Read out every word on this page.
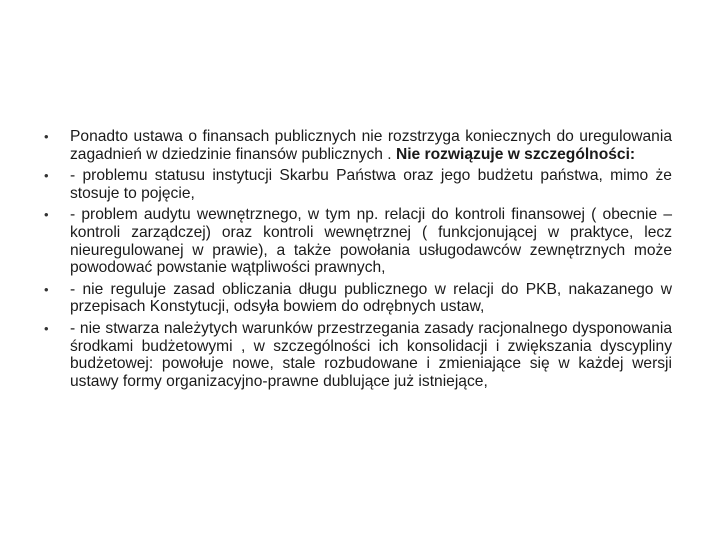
•	Ponadto ustawa o finansach publicznych nie rozstrzyga koniecznych do uregulowania zagadnień w dziedzinie finansów publicznych . Nie rozwiązuje w szczególności:
•	- problemu statusu instytucji Skarbu Państwa oraz jego budżetu państwa, mimo że stosuje to pojęcie,
•	- problem audytu wewnętrznego, w tym np. relacji do kontroli finansowej ( obecnie – kontroli zarządczej) oraz kontroli wewnętrznej ( funkcjonującej w praktyce, lecz nieuregulowanej w prawie), a także powołania usługodawców zewnętrznych może powodować powstanie wątpliwości prawnych,
•	- nie reguluje zasad obliczania długu publicznego w relacji do PKB, nakazanego w przepisach Konstytucji, odsyła bowiem do odrębnych ustaw,
•	- nie stwarza należytych warunków przestrzegania zasady racjonalnego dysponowania środkami budżetowymi , w szczególności ich konsolidacji i zwiększania dyscypliny budżetowej: powołuje nowe, stale rozbudowane i zmieniające się w każdej wersji ustawy formy organizacyjno-prawne dublujące już istniejące,
